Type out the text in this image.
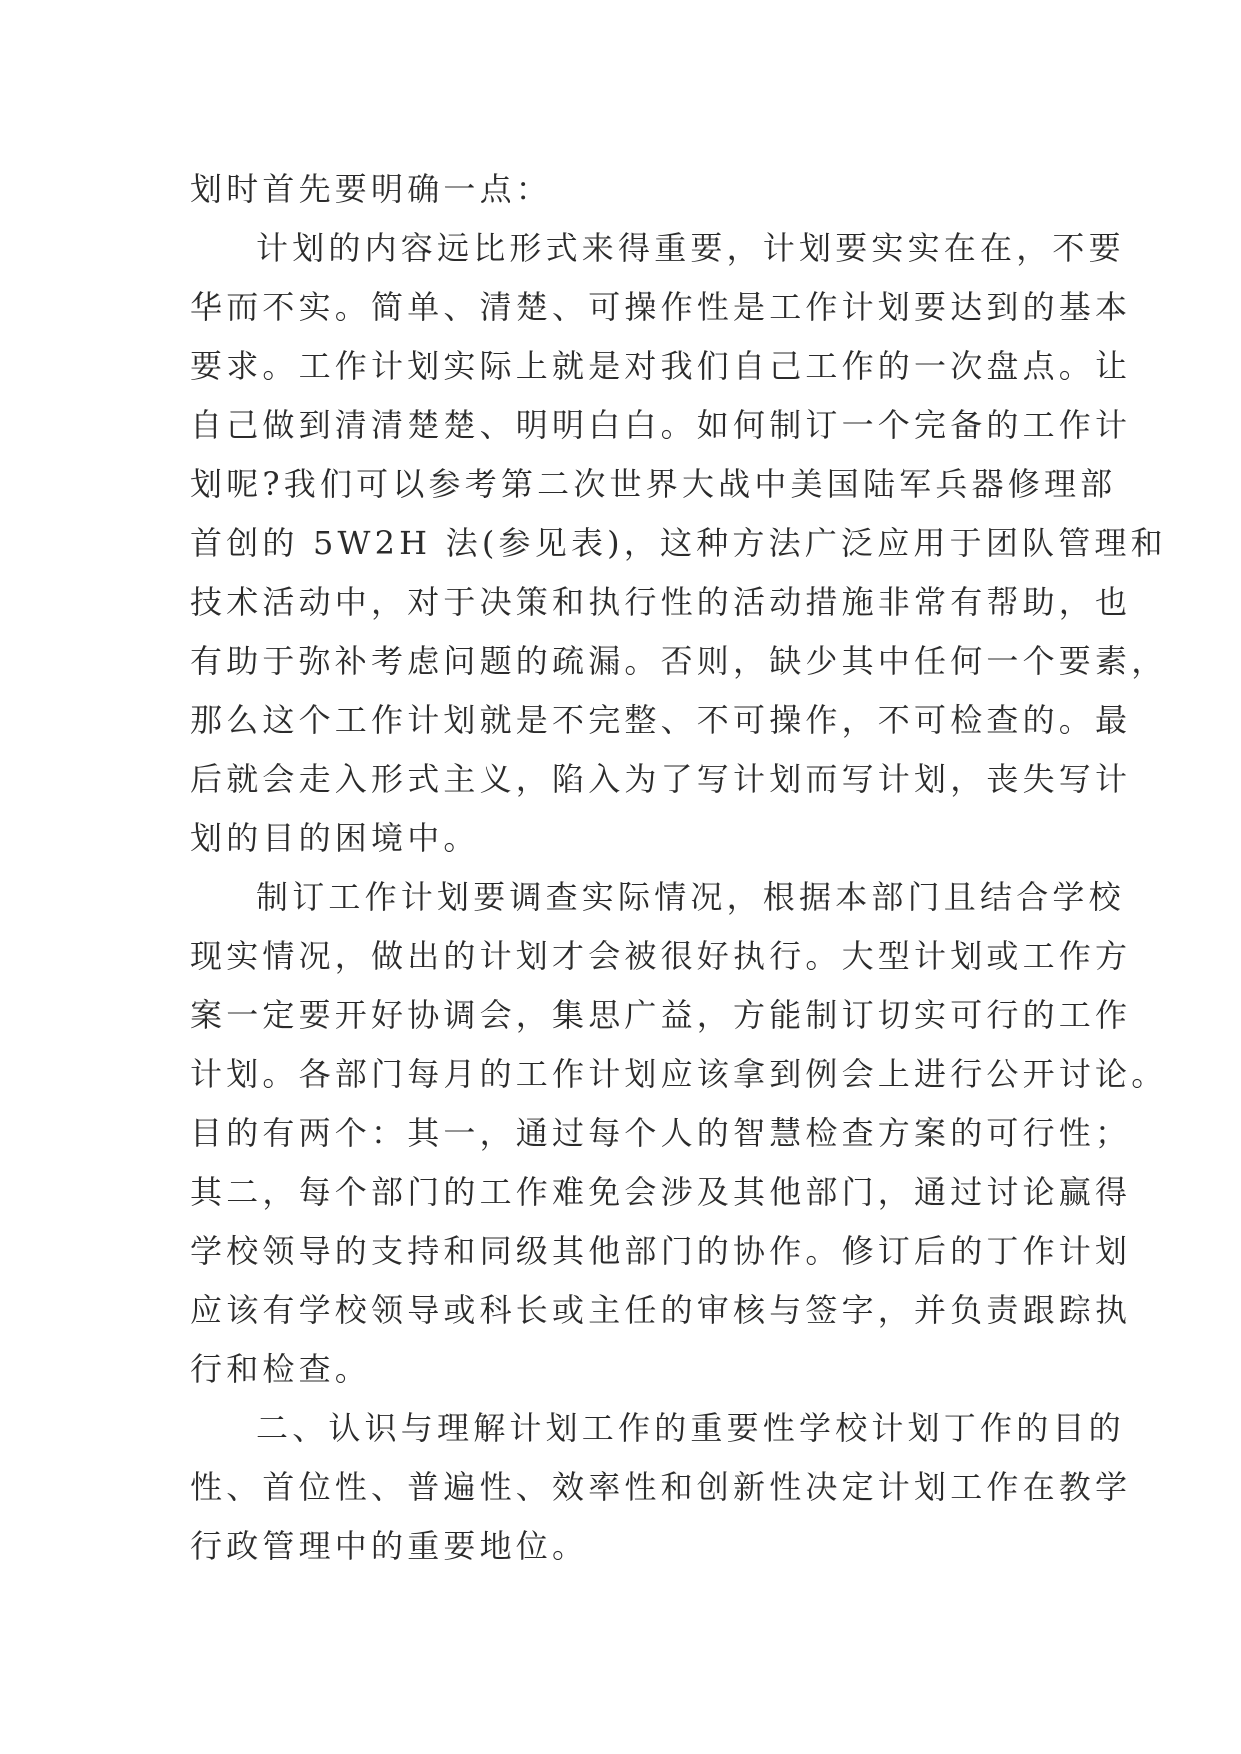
划时首先要明确一点：
计划的内容远比形式来得重要，计划要实实在在，不要
华而不实。简单、清楚、可操作性是工作计划要达到的基本
要求。工作计划实际上就是对我们自己工作的一次盘点。让
自己做到清清楚楚、明明白白。如何制订一个完备的工作计
划呢?我们可以参考第二次世界大战中美国陆军兵器修理部
首创的 5W2H 法(参见表)，这种方法广泛应用于团队管理和
技术活动中，对于决策和执行性的活动措施非常有帮助，也
有助于弥补考虑问题的疏漏。否则，缺少其中任何一个要素，
那么这个工作计划就是不完整、不可操作，不可检查的。最
后就会走入形式主义，陷入为了写计划而写计划，丧失写计
划的目的困境中。
制订工作计划要调查实际情况，根据本部门且结合学校
现实情况，做出的计划才会被很好执行。大型计划或工作方
案一定要开好协调会，集思广益，方能制订切实可行的工作
计划。各部门每月的工作计划应该拿到例会上进行公开讨论。
目的有两个：其一，通过每个人的智慧检查方案的可行性；
其二，每个部门的工作难免会涉及其他部门，通过讨论赢得
学校领导的支持和同级其他部门的协作。修订后的丁作计划
应该有学校领导或科长或主任的审核与签字，并负责跟踪执
行和检查。
二、认识与理解计划工作的重要性学校计划丁作的目的
性、首位性、普遍性、效率性和创新性决定计划工作在教学
行政管理中的重要地位。
